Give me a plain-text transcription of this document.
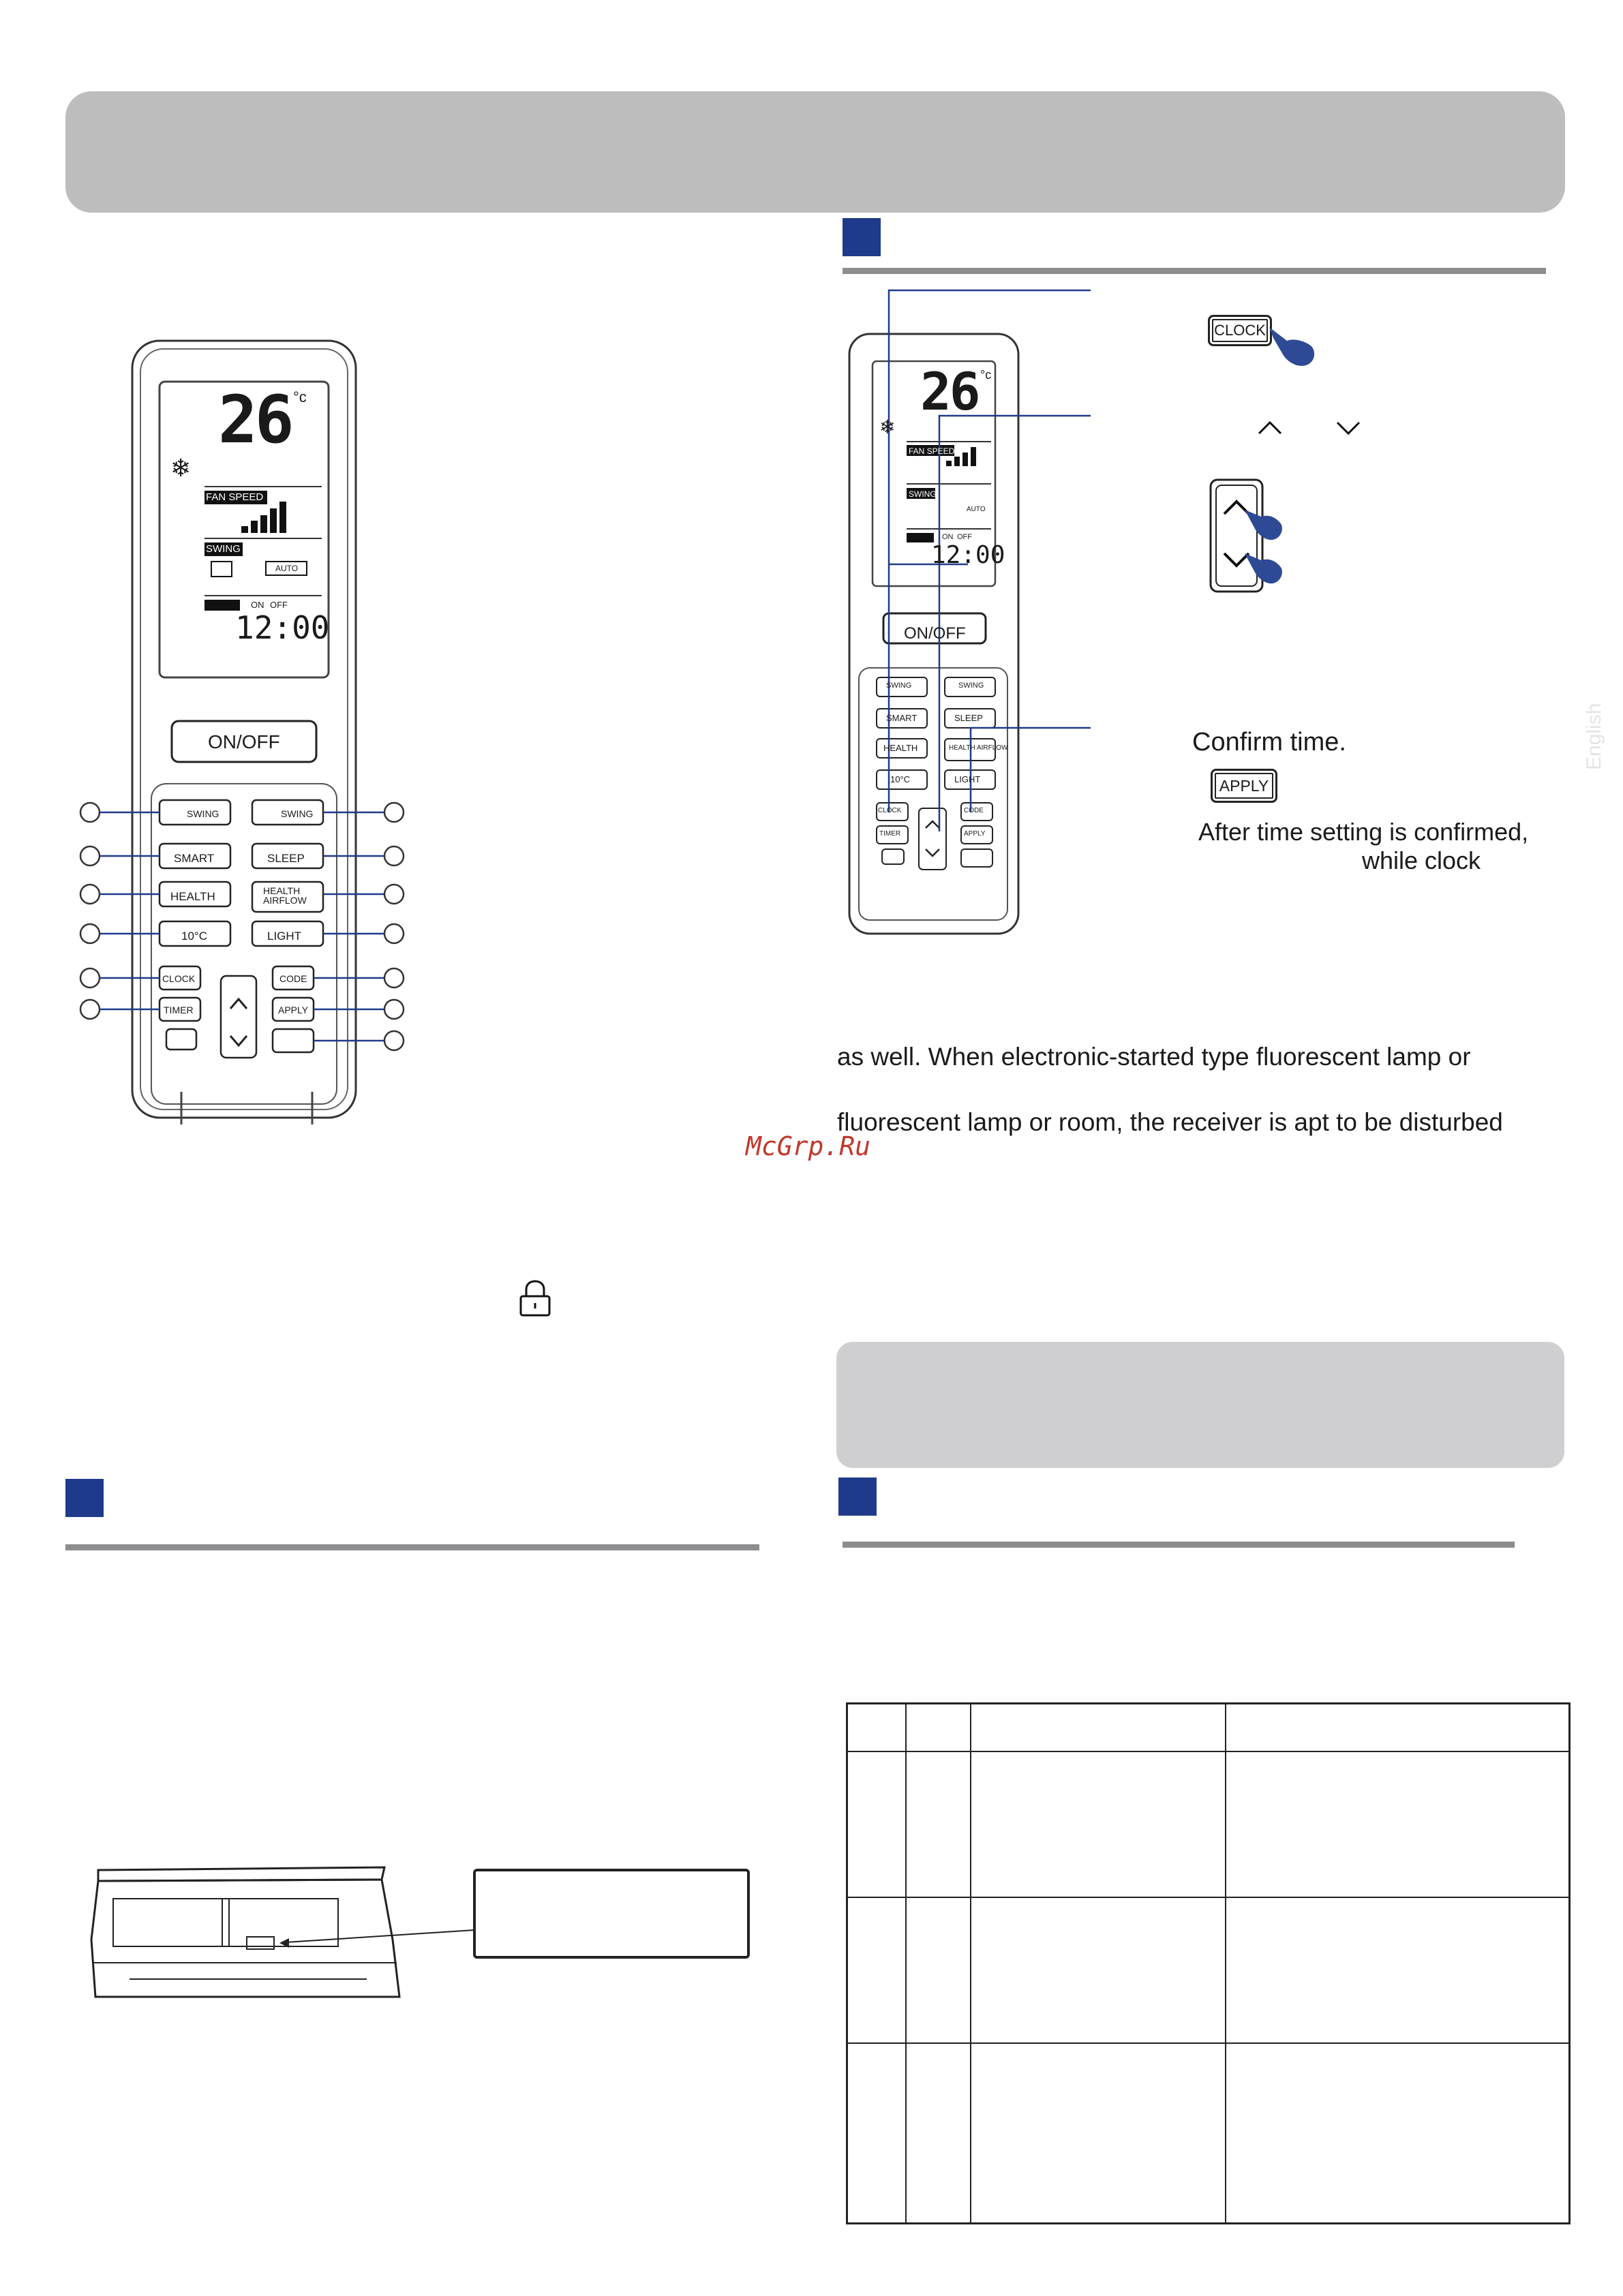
26 °c
❄
FAN SPEED
SWING
AUTO
ON OFF
12:00
ON/OFF
SWING
SMART
HEALTH
10°C
CLOCK
TIMER
SWING
SLEEP
HEALTH
AIRFLOW
LIGHT
CODE
APPLY
26 °c
❄
FAN SPEED
SWING
AUTO
ON OFF
12:00
ON/OFF
SWING
SMART
HEALTH
10°C
CLOCK
TIMER
SWING
SLEEP
HEALTH AIRFLOW
LIGHT
CODE
APPLY
CLOCK
Confirm time.
APPLY
After time setting is confirmed,
while clock
English
as well. When electronic-started type fluorescent lamp or
fluorescent lamp or room, the receiver is apt to be disturbed
McGrp.Ru
